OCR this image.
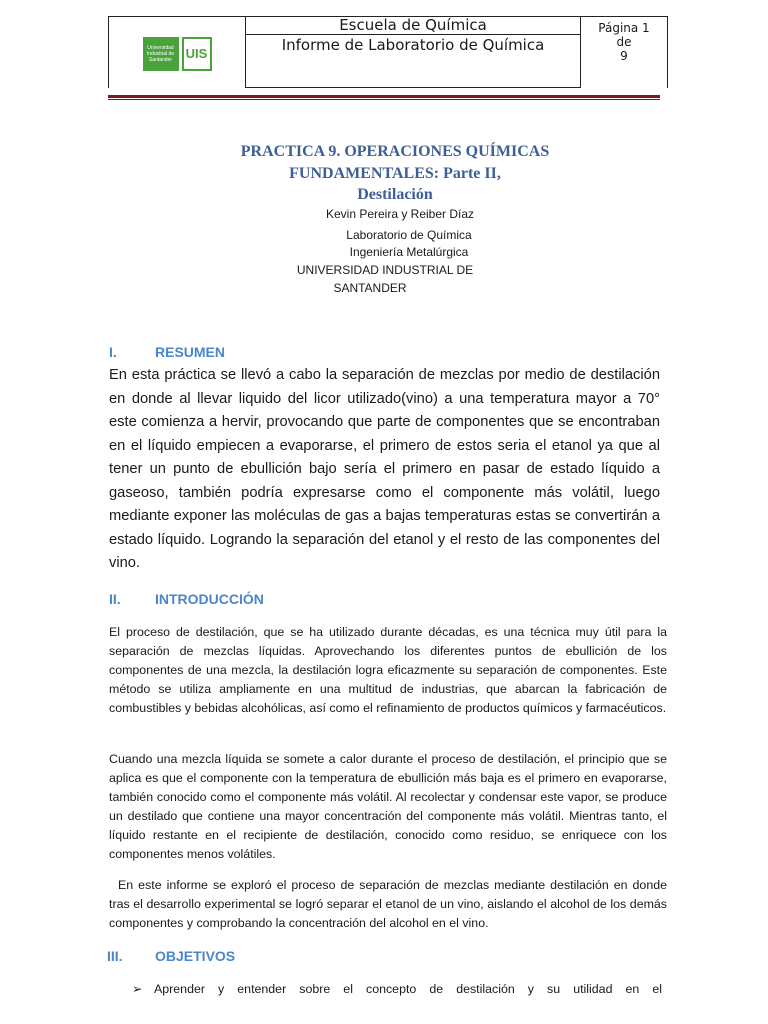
Universidad Industrial de Santander	UIS
	Escuela de Química	Página 1
de
9

Informe de Laboratorio de Química
PRACTICA 9. OPERACIONES QUÍMICAS
FUNDAMENTALES: Parte II,
Destilación
Kevin Pereira y Reiber Díaz
Laboratorio de Química
Ingeniería Metalúrgica
UNIVERSIDAD INDUSTRIAL DE
SANTANDER
I.	RESUMEN
En esta práctica se llevó a cabo la separación de mezclas por medio de destilación en donde al llevar liquido del licor utilizado(vino) a una temperatura mayor a 70° este comienza a hervir, provocando que parte de componentes que se encontraban en el líquido empiecen a evaporarse, el primero de estos seria el etanol ya que al tener un punto de ebullición bajo sería el primero en pasar de estado líquido a gaseoso, también podría expresarse como el componente más volátil, luego mediante exponer las moléculas de gas a bajas temperaturas estas se convertirán a estado líquido. Logrando la separación del etanol y el resto de las componentes del vino.
II. INTRODUCCIÓN

El proceso de destilación, que se ha utilizado durante décadas, es una técnica muy útil para la separación de mezclas líquidas. Aprovechando los diferentes puntos de ebullición de los componentes de una mezcla, la destilación logra eficazmente su separación de componentes. Este método se utiliza ampliamente en una multitud de industrias, que abarcan la fabricación de combustibles y bebidas alcohólicas, así como el refinamiento de productos químicos y farmacéuticos.

Cuando una mezcla líquida se somete a calor durante el proceso de destilación, el principio que se aplica es que el componente con la temperatura de ebullición más baja es el primero en evaporarse, también conocido como el componente más volátil. Al recolectar y condensar este vapor, se produce un destilado que contiene una mayor concentración del componente más volátil. Mientras tanto, el líquido restante en el recipiente de destilación, conocido como residuo, se enriquece con los componentes menos volátiles.

En este informe se exploró el proceso de separación de mezclas mediante destilación en donde tras el desarrollo experimental se logró separar el etanol de un vino, aislando el alcohol de los demás componentes y comprobando la concentración del alcohol en el vino.

III. OBJETIVOS
➢ Aprender y entender sobre el concepto de destilación y su utilidad en el
